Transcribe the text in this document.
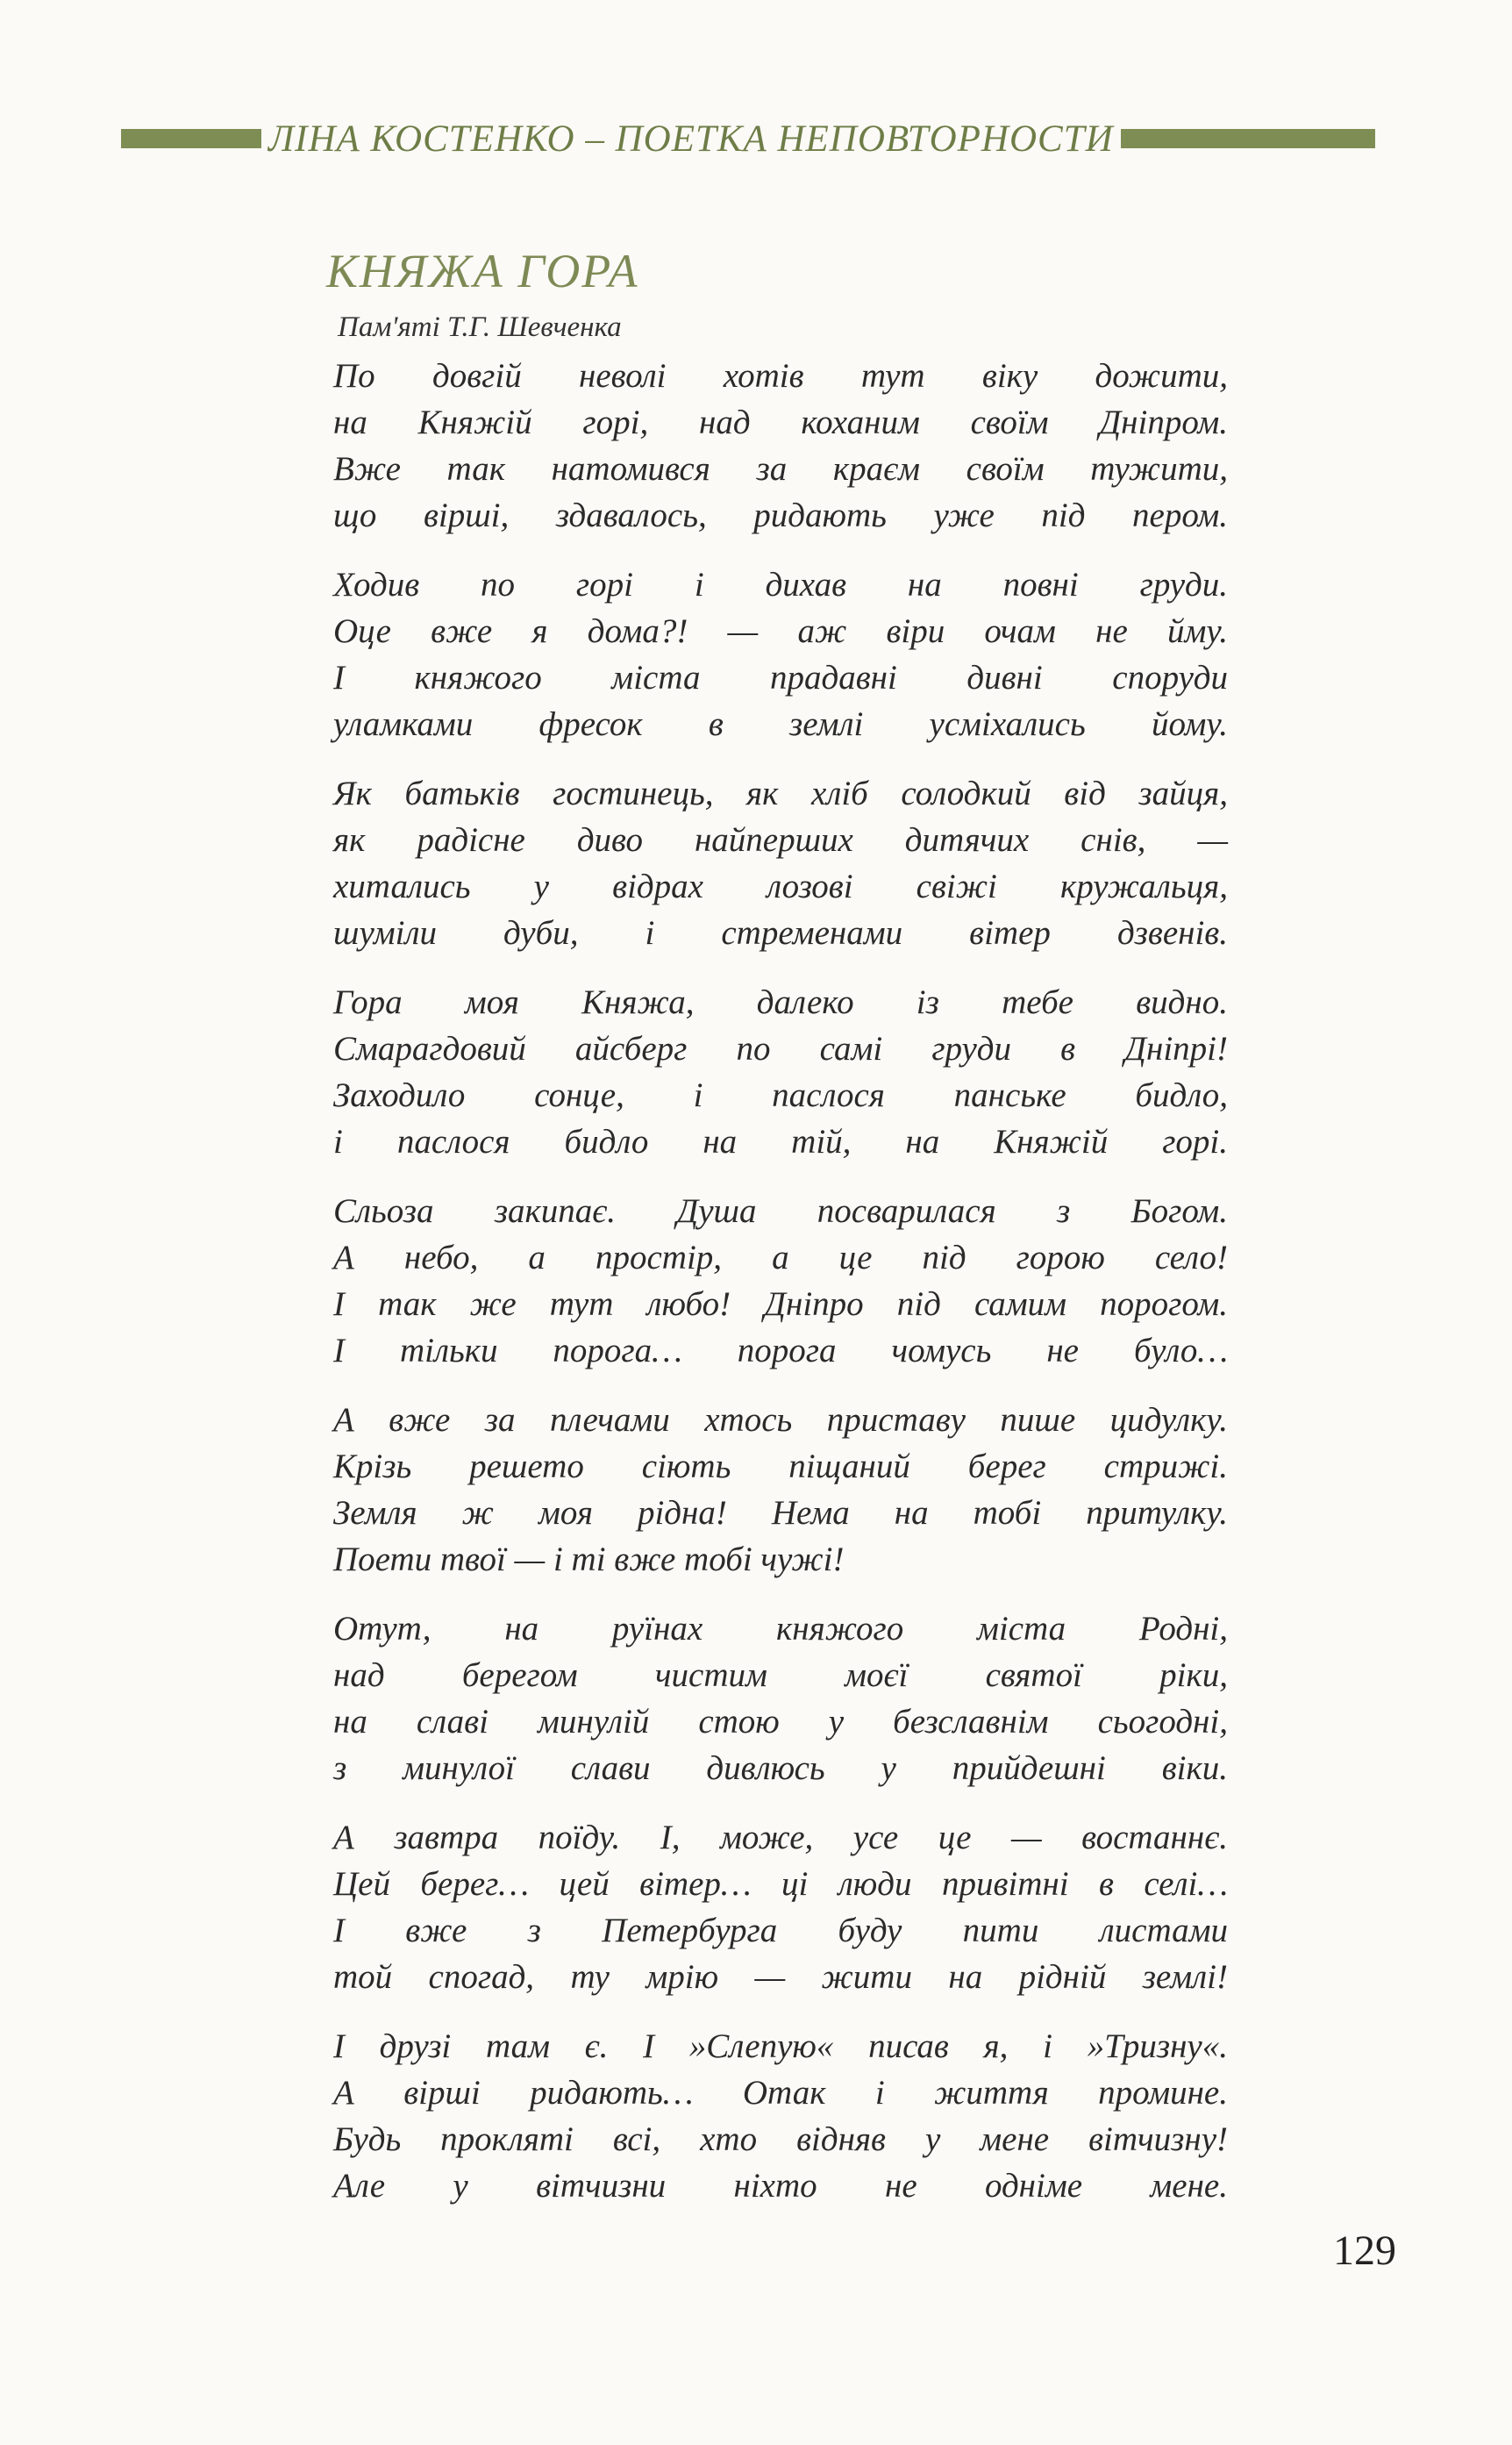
ЛІНА КОСТЕНКО – ПОЕТКА НЕПОВТОРНОСТИ
КНЯЖА ГОРА
Пам'яті Т.Г. Шевченка
По довгій неволі хотів тут віку дожити,
на Княжій горі, над коханим своїм Дніпром.
Вже так натомився за краєм своїм тужити,
що вірші, здавалось, ридають уже під пером.
Ходив по горі і дихав на повні груди.
Оце вже я дома?! — аж віри очам не йму.
І княжого міста прадавні дивні споруди
уламками фресок в землі усміхались йому.
Як батьків гостинець, як хліб солодкий від зайця,
як радісне диво найперших дитячих снів, —
хитались у відрах лозові свіжі кружальця,
шуміли дуби, і стременами вітер дзвенів.
Гора моя Княжа, далеко із тебе видно.
Смарагдовий айсберг по самі груди в Дніпрі!
Заходило сонце, і паслося панське бидло,
і паслося бидло на тій, на Княжій горі.
Сльоза закипає. Душа посварилася з Богом.
А небо, а простір, а це під горою село!
І так же тут любо! Дніпро під самим порогом.
І тільки порога… порога чомусь не було…
А вже за плечами хтось приставу пише цидулку.
Крізь решето сіють піщаний берег стрижі.
Земля ж моя рідна! Нема на тобі притулку.
Поети твої — і ті вже тобі чужі!
Отут, на руїнах княжого міста Родні,
над берегом чистим моєї святої ріки,
на славі минулій стою у безславнім сьогодні,
з минулої слави дивлюсь у прийдешні віки.
А завтра поїду. І, може, усе це — востаннє.
Цей берег… цей вітер… ці люди привітні в селі…
І вже з Петербурга буду пити листами
той спогад, ту мрію — жити на рідній землі!
І друзі там є. І »Слепую« писав я, і »Тризну«.
А вірші ридають… Отак і життя промине.
Будь прокляті всі, хто відняв у мене вітчизну!
Але у вітчизни ніхто не одніме мене.
129
